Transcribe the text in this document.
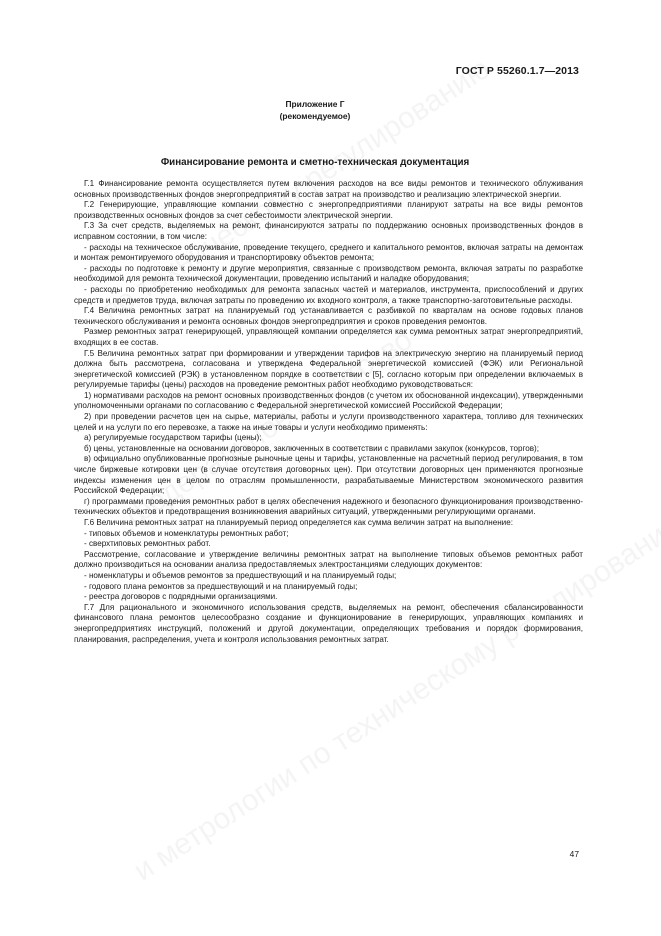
ГОСТ Р 55260.1.7—2013
Приложение Г
(рекомендуемое)
Финансирование ремонта и сметно-техническая документация

Г.1 Финансирование ремонта осуществляется путем включения расходов на все виды ремонтов и технического облуживания основных производственных фондов энергопредприятий в состав затрат на производство и реализацию электрической энергии.

Г.2 Генерирующие, управляющие компании совместно с энергопредприятиями планируют затраты на все виды ремонтов производственных основных фондов за счет себестоимости электрической энергии.

Г.3 За счет средств, выделяемых на ремонт, финансируются затраты по поддержанию основных производственных фондов в исправном состоянии, в том числе:

- расходы на техническое обслуживание, проведение текущего, среднего и капитального ремонтов, включая затраты на демонтаж и монтаж ремонтируемого оборудования и транспортировку объектов ремонта;

- расходы по подготовке к ремонту и другие мероприятия, связанные с производством ремонта, включая затраты по разработке необходимой для ремонта технической документации, проведению испытаний и наладке оборудования;

- расходы по приобретению необходимых для ремонта запасных частей и материалов, инструмента, приспособлений и других средств и предметов труда, включая затраты по проведению их входного контроля, а также транспортно-заготовительные расходы.

Г.4 Величина ремонтных затрат на планируемый год устанавливается с разбивкой по кварталам на основе годовых планов технического обслуживания и ремонта основных фондов энергопредприятия и сроков проведения ремонтов.

Размер ремонтных затрат генерирующей, управляющей компании определяется как сумма ремонтных затрат энергопредприятий, входящих в ее состав.

Г.5 Величина ремонтных затрат при формировании и утверждении тарифов на электрическую энергию на планируемый период должна быть рассмотрена, согласована и утверждена Федеральной энергетической комиссией (ФЭК) или Региональной энергетической комиссией (РЭК) в установленном порядке в соответствии с [5], согласно которым при определении включаемых в регулируемые тарифы (цены) расходов на проведение ремонтных работ необходимо руководствоваться:

1) нормативами расходов на ремонт основных производственных фондов (с учетом их обоснованной индексации), утвержденными уполномоченными органами по согласованию с Федеральной энергетической комиссией Российской Федерации;

2) при проведении расчетов цен на сырье, материалы, работы и услуги производственного характера, топливо для технических целей и на услуги по его перевозке, а также на иные товары и услуги необходимо применять:

а) регулируемые государством тарифы (цены);

б) цены, установленные на основании договоров, заключенных в соответствии с правилами закупок (конкурсов, торгов);

в) официально опубликованные прогнозные рыночные цены и тарифы, установленные на расчетный период регулирования, в том числе биржевые котировки цен (в случае отсутствия договорных цен). При отсутствии договорных цен применяются прогнозные индексы изменения цен в целом по отраслям промышленности, разрабатываемые Министерством экономического развития Российской Федерации;

г) программами проведения ремонтных работ в целях обеспечения надежного и безопасного функционирования производственно-технических объектов и предотвращения возникновения аварийных ситуаций, утвержденными регулирующими органами.

Г.6 Величина ремонтных затрат на планируемый период определяется как сумма величин затрат на выполнение:

- типовых объемов и номенклатуры ремонтных работ;

- сверхтиповых ремонтных работ.

Рассмотрение, согласование и утверждение величины ремонтных затрат на выполнение типовых объемов ремонтных работ должно производиться на основании анализа предоставляемых электростанциями следующих документов:

- номенклатуры и объемов ремонтов за предшествующий и на планируемый годы;

- годового плана ремонтов за предшествующий и на планируемый годы;

- реестра договоров с подрядными организациями.

Г.7 Для рационального и экономичного использования средств, выделяемых на ремонт, обеспечения сбалансированности финансового плана ремонтов целесообразно создание и функционирование в генерирующих, управляющих компаниях и энергопредприятиях инструкций, положений и другой документации, определяющих требования и порядок формирования, планирования, распределения, учета и контроля использования ремонтных затрат.

47
